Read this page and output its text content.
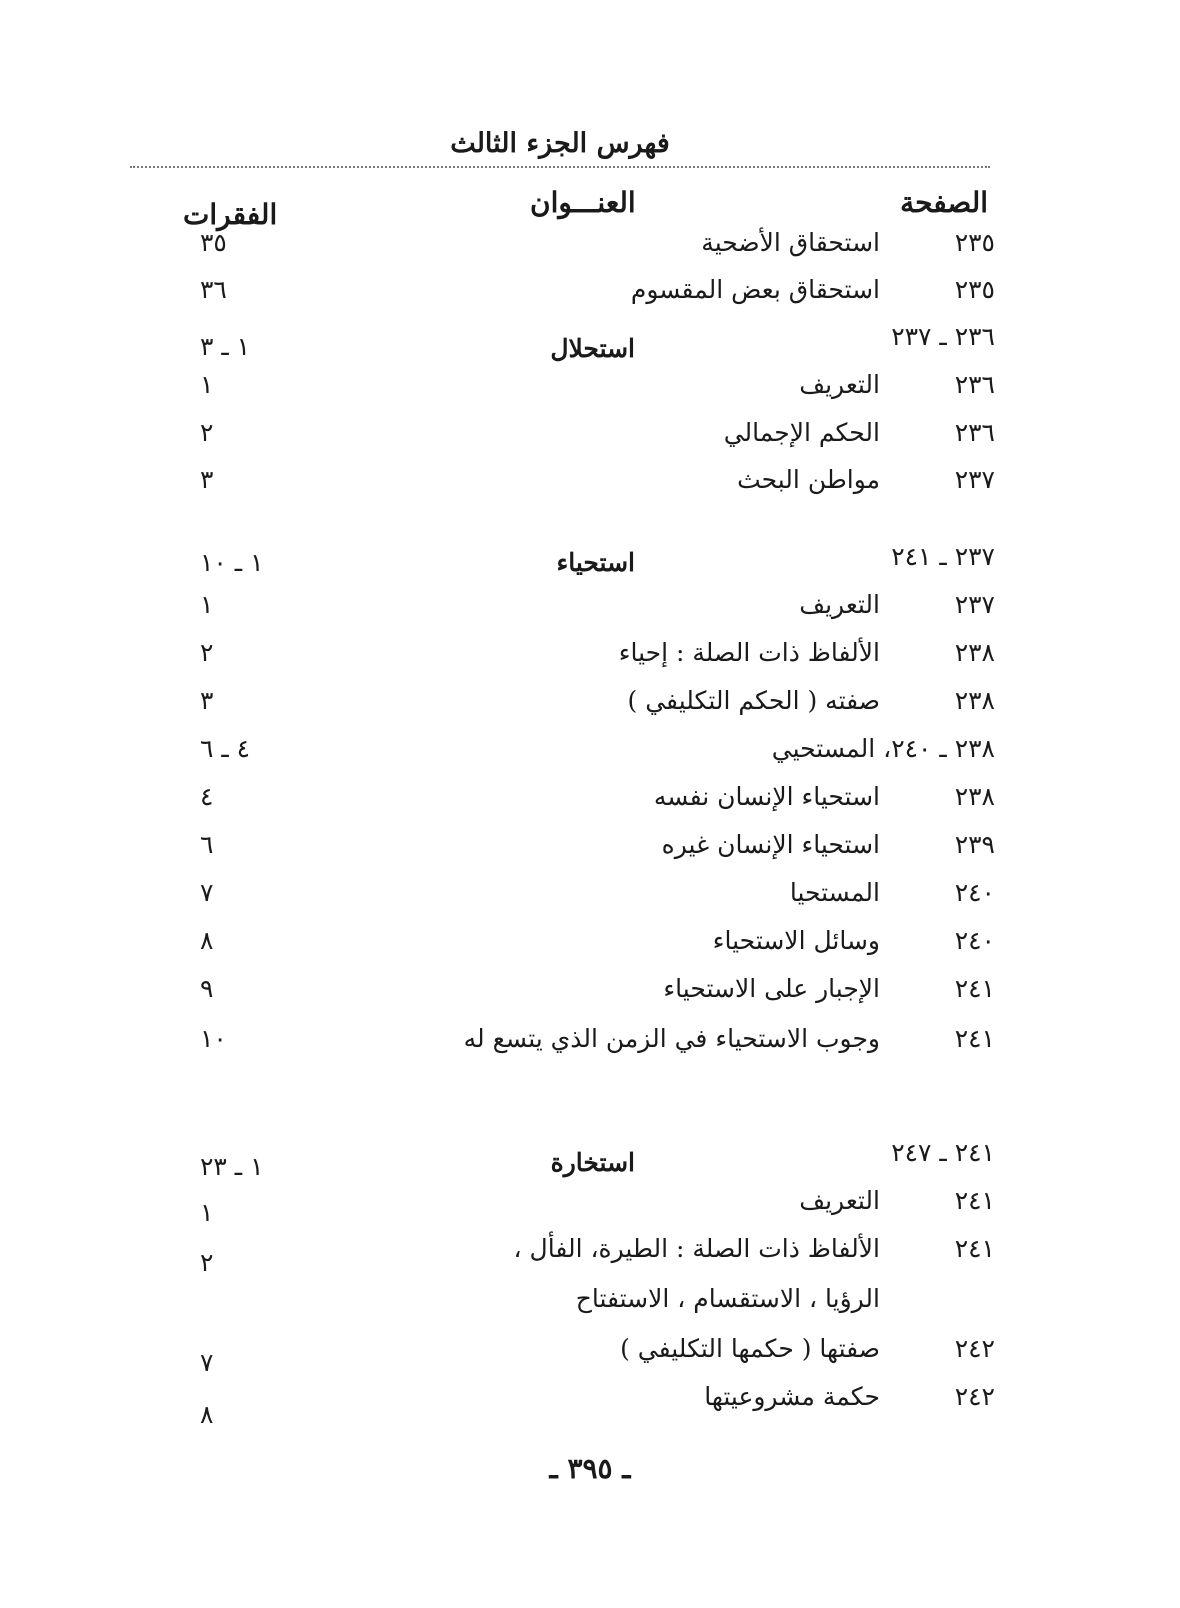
فهرس الجزء الثالث
الصفحة
العنـــوان
الفقرات
٢٣٥
استحقاق الأضحية
٣٥
٢٣٥
استحقاق بعض المقسوم
٣٦
٢٣٦ ـ ٢٣٧
استحلال
١ ـ ٣
٢٣٦
التعريف
١
٢٣٦
الحكم الإجمالي
٢
٢٣٧
مواطن البحث
٣
٢٣٧ ـ ٢٤١
استحياء
١ ـ ١٠
٢٣٧
التعريف
١
٢٣٨
الألفاظ ذات الصلة : إحياء
٢
٢٣٨
صفته ( الحكم التكليفي )
٣
٢٣٨ ـ ٢٤٠، المستحيي
٤ ـ ٦
٢٣٨
استحياء الإنسان نفسه
٤
٢٣٩
استحياء الإنسان غيره
٦
٢٤٠
المستحيا
٧
٢٤٠
وسائل الاستحياء
٨
٢٤١
الإجبار على الاستحياء
٩
٢٤١
وجوب الاستحياء في الزمن الذي يتسع له
١٠
٢٤١ ـ ٢٤٧
استخارة
١ ـ ٢٣
٢٤١
التعريف
١
٢٤١
الألفاظ ذات الصلة : الطيرة، الفأل ،
٢
الرؤيا ، الاستقسام ، الاستفتاح
٢٤٢
صفتها ( حكمها التكليفي )
٧
٢٤٢
حكمة مشروعيتها
٨
ـ ٣٩٥ ـ
